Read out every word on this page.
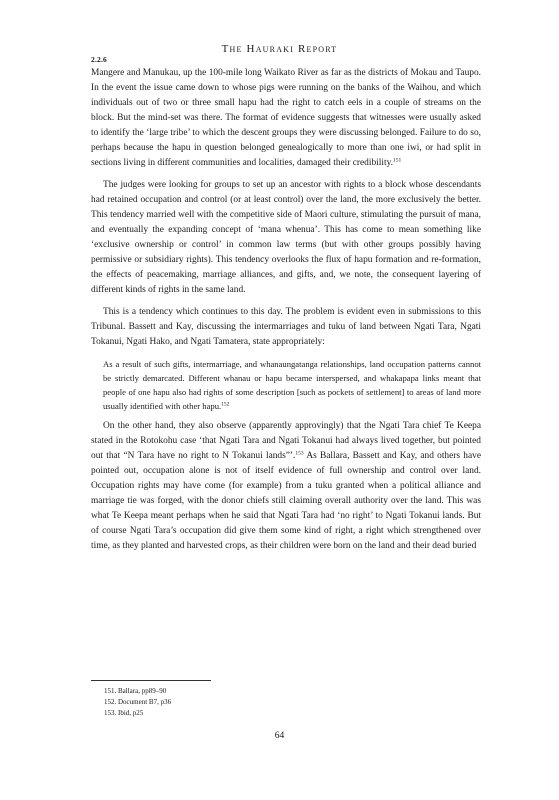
2.2.6
The Hauraki Report

Mangere and Manukau, up the 100-mile long Waikato River as far as the districts of Mokau and Taupo. In the event the issue came down to whose pigs were running on the banks of the Waihou, and which individuals out of two or three small hapu had the right to catch eels in a couple of streams on the block. But the mind-set was there. The format of evidence suggests that witnesses were usually asked to identify the ‘large tribe’ to which the descent groups they were discussing belonged. Failure to do so, perhaps because the hapu in question belonged genealogically to more than one iwi, or had split in sections living in different communities and localities, damaged their credibility.$^{151}$

The judges were looking for groups to set up an ancestor with rights to a block whose descendants had retained occupation and control (or at least control) over the land, the more exclusively the better. This tendency married well with the competitive side of Maori culture, stimulating the pursuit of mana, and eventually the expanding concept of ‘mana whenua’. This has come to mean something like ‘exclusive ownership or control’ in common law terms (but with other groups possibly having permissive or subsidiary rights). This tendency overlooks the flux of hapu formation and re-formation, the effects of peacemaking, marriage alliances, and gifts, and, we note, the consequent layering of different kinds of rights in the same land.

This is a tendency which continues to this day. The problem is evident even in submissions to this Tribunal. Bassett and Kay, discussing the intermarriages and tuku of land between Ngati Tara, Ngati Tokanui, Ngati Hako, and Ngati Tamatera, state appropriately:

As a result of such gifts, intermarriage, and whanaungatanga relationships, land occupation patterns cannot be strictly demarcated. Different whanau or hapu became interspersed, and whakapapa links meant that people of one hapu also had rights of some description [such as pockets of settlement] to areas of land more usually identified with other hapu.$^{152}$

On the other hand, they also observe (apparently approvingly) that the Ngati Tara chief Te Keepa stated in the Rotokohu case ‘that Ngati Tara and Ngati Tokanui had always lived together, but pointed out that “N Tara have no right to N Tokanui lands”’.$^{153}$ As Ballara, Bassett and Kay, and others have pointed out, occupation alone is not of itself evidence of full ownership and control over land. Occupation rights may have come (for example) from a tuku granted when a political alliance and marriage tie was forged, with the donor chiefs still claiming overall authority over the land. This was what Te Keepa meant perhaps when he said that Ngati Tara had ‘no right’ to Ngati Tokanui lands. But of course Ngati Tara’s occupation did give them some kind of right, a right which strengthened over time, as they planted and harvested crops, as their children were born on the land and their dead buried

151. Ballara, pp89–90
152. Document B7, p36
153. Ibid, p25
64
